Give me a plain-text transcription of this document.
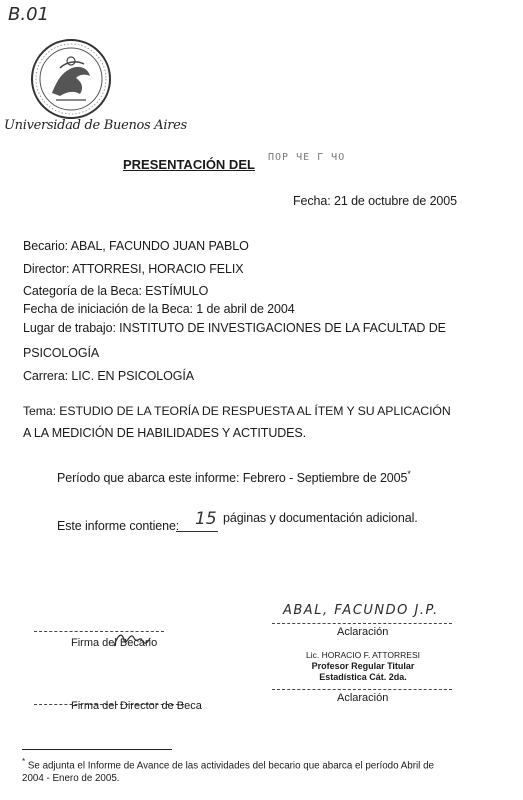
B.01
Universidad de Buenos Aires
PRESENTACIÓN DEL ПОР ЧЕ Г ЧО
Fecha: 21 de octubre de 2005
Becario: ABAL, FACUNDO JUAN PABLO
Director: ATTORRESI, HORACIO FELIX
Categoría de la Beca: ESTÍMULO
Fecha de iniciación de la Beca: 1 de abril de 2004
Lugar de trabajo: INSTITUTO DE INVESTIGACIONES DE LA FACULTAD DE
PSICOLOGÍA
Carrera: LIC. EN PSICOLOGÍA
Tema: ESTUDIO DE LA TEORÍA DE RESPUESTA AL ÍTEM Y SU APLICACIÓN
A LA MEDICIÓN DE HABILIDADES Y ACTITUDES.
Período que abarca este informe: Febrero - Septiembre de 2005*
Este informe contiene: 15 páginas y documentación adicional.
Firma del Becario
ABAL, FACUNDO J.P.
Aclaración
Lic. HORACIO F. ATTORRESI
Profesor Regular Titular
Estadística Cát. 2da.
Aclaración
Firma del Director de Beca
* Se adjunta el Informe de Avance de las actividades del becario que abarca el período Abril de
2004 - Enero de 2005.
